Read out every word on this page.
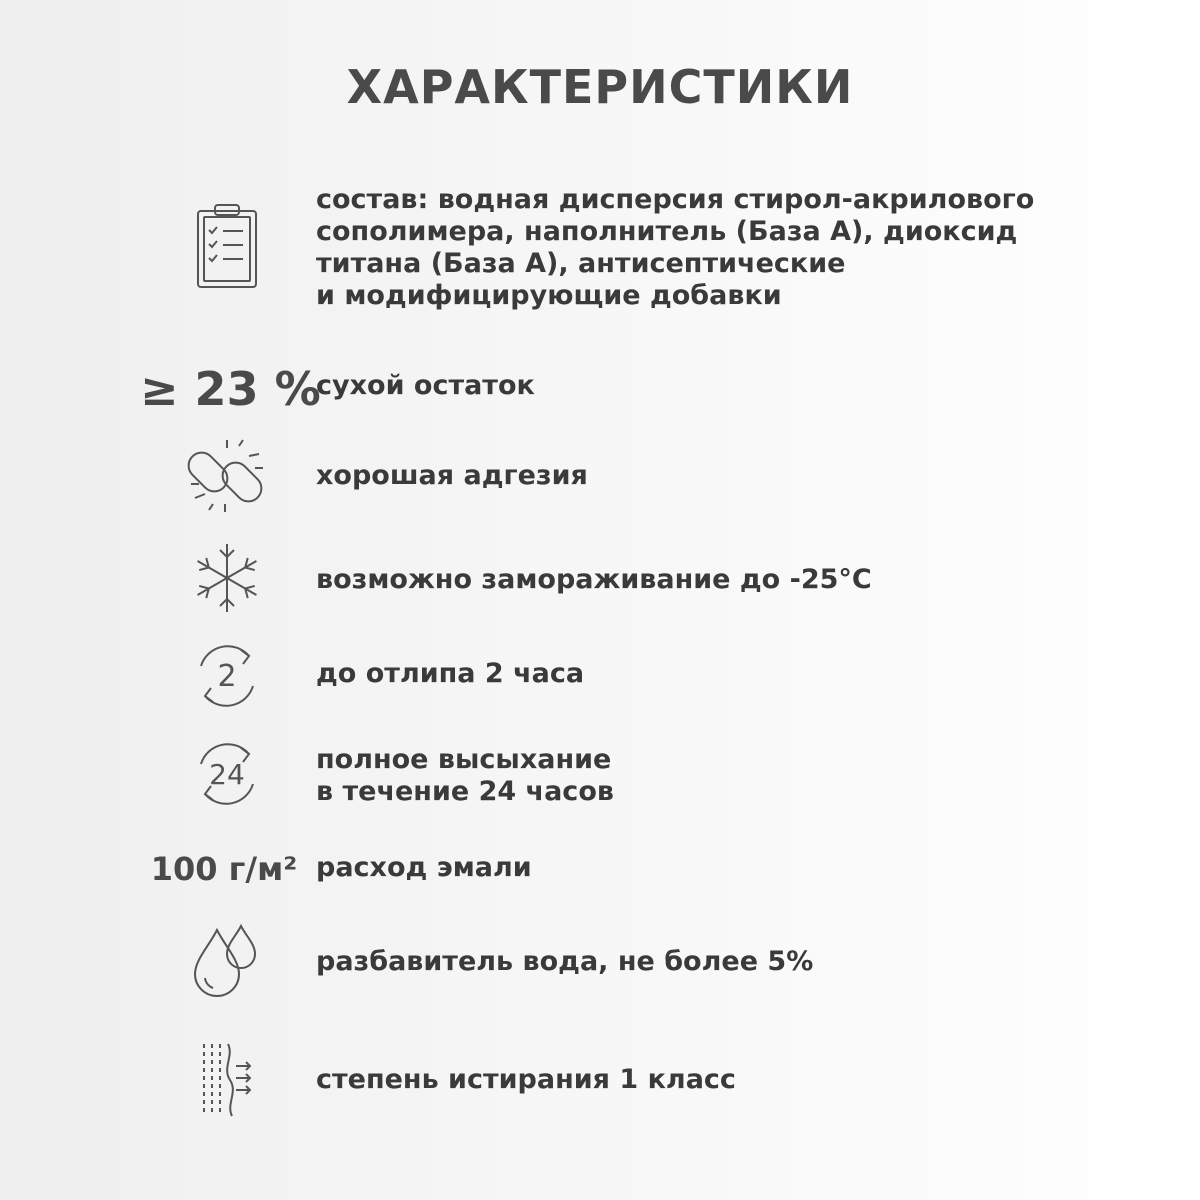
ХАРАКТЕРИСТИКИ
состав: водная дисперсия стирол-акрилового
сополимера, наполнитель (База А), диоксид
титана (База А), антисептические
и модифицирующие добавки
≥ 23 %
сухой остаток
хорошая адгезия
возможно замораживание до -25°С
2	до отлипа 2 часа
24	полное высыхание
в течение 24 часов
100 г/м² расход эмали
разбавитель вода, не более 5%
степень истирания 1 класс
